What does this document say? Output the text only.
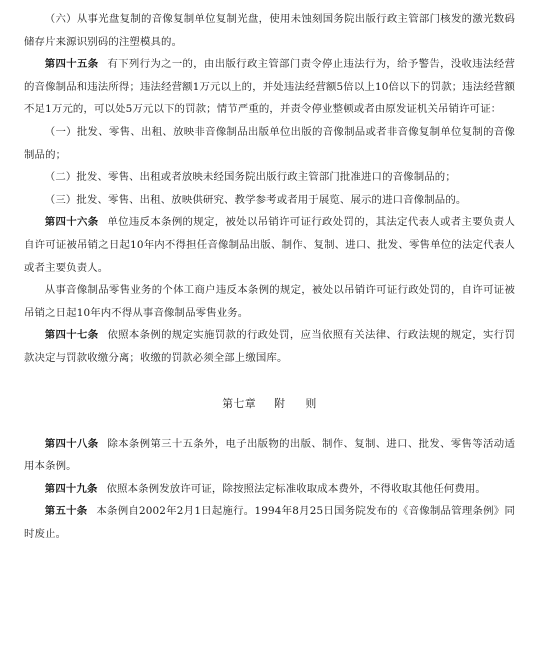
（六）从事光盘复制的音像复制单位复制光盘，使用未蚀刻国务院出版行政主管部门核发的激光数码储存片来源识别码的注塑模具的。

第四十五条 有下列行为之一的，由出版行政主管部门责令停止违法行为，给予警告，没收违法经营的音像制品和违法所得；违法经营额1万元以上的，并处违法经营额5倍以上10倍以下的罚款；违法经营额不足1万元的，可以处5万元以下的罚款；情节严重的，并责令停业整顿或者由原发证机关吊销许可证：

（一）批发、零售、出租、放映非音像制品出版单位出版的音像制品或者非音像复制单位复制的音像制品的；

（二）批发、零售、出租或者放映未经国务院出版行政主管部门批准进口的音像制品的；

（三）批发、零售、出租、放映供研究、教学参考或者用于展览、展示的进口音像制品的。

第四十六条 单位违反本条例的规定，被处以吊销许可证行政处罚的，其法定代表人或者主要负责人自许可证被吊销之日起10年内不得担任音像制品出版、制作、复制、进口、批发、零售单位的法定代表人或者主要负责人。

从事音像制品零售业务的个体工商户违反本条例的规定，被处以吊销许可证行政处罚的，自许可证被吊销之日起10年内不得从事音像制品零售业务。

第四十七条 依照本条例的规定实施罚款的行政处罚，应当依照有关法律、行政法规的规定，实行罚款决定与罚款收缴分离；收缴的罚款必须全部上缴国库。

第七章 附 则

第四十八条 除本条例第三十五条外，电子出版物的出版、制作、复制、进口、批发、零售等活动适用本条例。

第四十九条 依照本条例发放许可证，除按照法定标准收取成本费外，不得收取其他任何费用。

第五十条 本条例自2002年2月1日起施行。1994年8月25日国务院发布的《音像制品管理条例》同时废止。
